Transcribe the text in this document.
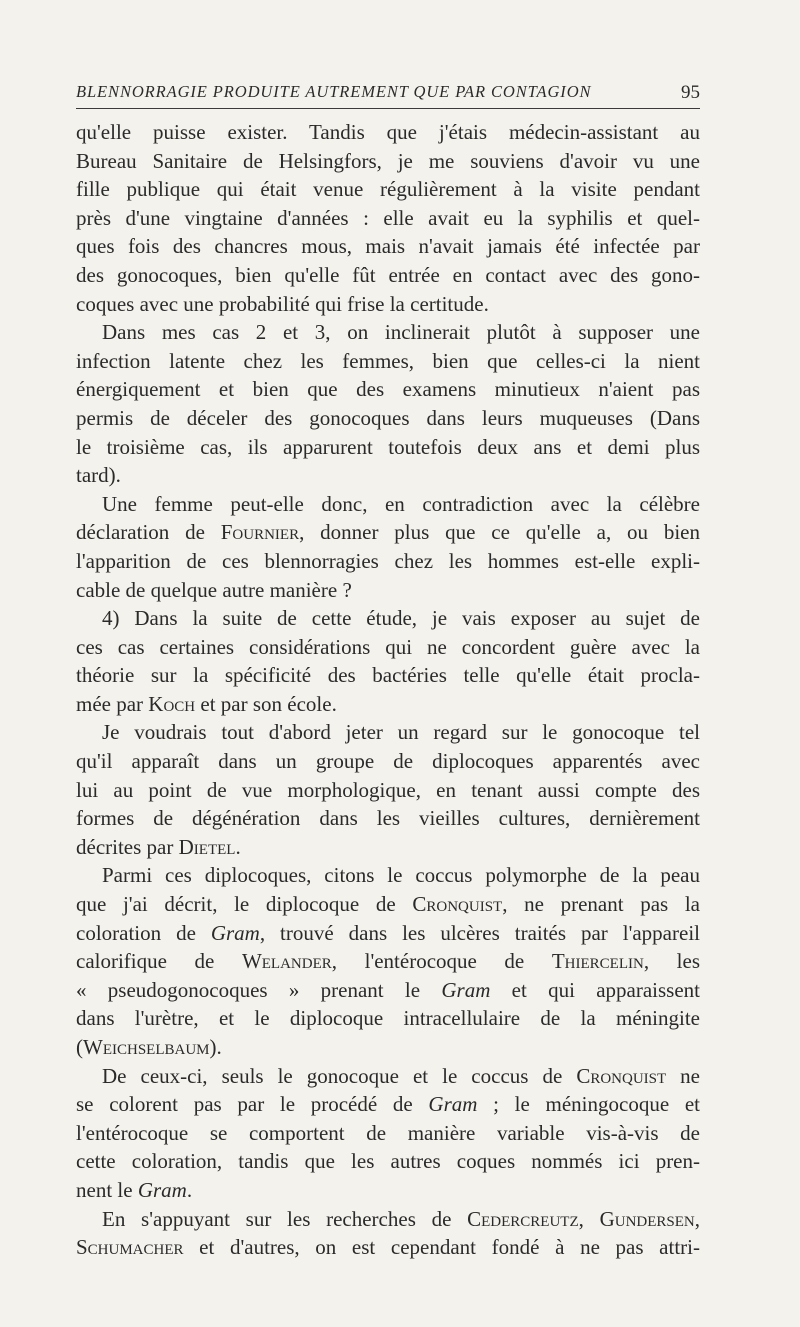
BLENNORRAGIE PRODUITE AUTREMENT QUE PAR CONTAGION	95
qu'elle puisse exister. Tandis que j'étais médecin-assistant au
Bureau Sanitaire de Helsingfors, je me souviens d'avoir vu une
fille publique qui était venue régulièrement à la visite pendant
près d'une vingtaine d'années : elle avait eu la syphilis et quel-
ques fois des chancres mous, mais n'avait jamais été infectée par
des gonocoques, bien qu'elle fût entrée en contact avec des gono-
coques avec une probabilité qui frise la certitude.
Dans mes cas 2 et 3, on inclinerait plutôt à supposer une
infection latente chez les femmes, bien que celles-ci la nient
énergiquement et bien que des examens minutieux n'aient pas
permis de déceler des gonocoques dans leurs muqueuses (Dans
le troisième cas, ils apparurent toutefois deux ans et demi plus
tard).
Une femme peut-elle donc, en contradiction avec la célèbre
déclaration de Fournier, donner plus que ce qu'elle a, ou bien
l'apparition de ces blennorragies chez les hommes est-elle expli-
cable de quelque autre manière ?
4) Dans la suite de cette étude, je vais exposer au sujet de
ces cas certaines considérations qui ne concordent guère avec la
théorie sur la spécificité des bactéries telle qu'elle était procla-
mée par Koch et par son école.
Je voudrais tout d'abord jeter un regard sur le gonocoque tel
qu'il apparaît dans un groupe de diplocoques apparentés avec
lui au point de vue morphologique, en tenant aussi compte des
formes de dégénération dans les vieilles cultures, dernièrement
décrites par Dietel.
Parmi ces diplocoques, citons le coccus polymorphe de la peau
que j'ai décrit, le diplocoque de Cronquist, ne prenant pas la
coloration de Gram, trouvé dans les ulcères traités par l'appareil
calorifique de Welander, l'entérocoque de Thiercelin, les
« pseudogonocoques » prenant le Gram et qui apparaissent
dans l'urètre, et le diplocoque intracellulaire de la méningite
(Weichselbaum).
De ceux-ci, seuls le gonocoque et le coccus de Cronquist ne
se colorent pas par le procédé de Gram ; le méningocoque et
l'entérocoque se comportent de manière variable vis-à-vis de
cette coloration, tandis que les autres coques nommés ici pren-
nent le Gram.
En s'appuyant sur les recherches de Cedercreutz, Gundersen,
Schumacher et d'autres, on est cependant fondé à ne pas attri-
